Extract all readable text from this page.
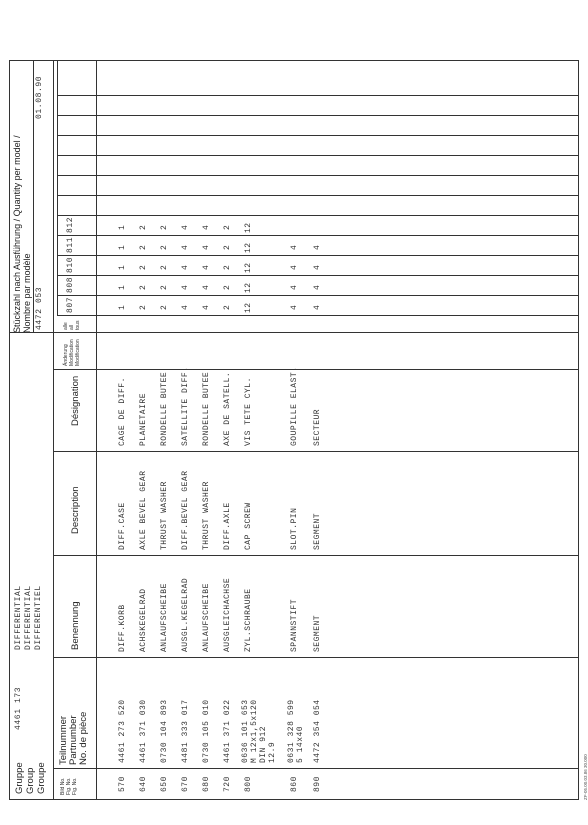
Gruppe Group Groupe
4461 173
DIFFERENTIAL DIFFERENTIAL DIFFERENTIEL
Stückzahl nach Ausführung / Quantity per model / Nombre par modèle 4472 053
01.08.90
Bild No. Fig. No. Fig. No.
Teilnummer Partnumber No. de pièce
Benennung
Description
Désignation
Änderung Modification Modification
alle all tous
807
808
810
811
812
570
4461 273 520
DIFF.KORB
DIFF.CASE
CAGE DE DIFF.
1
1
1
1
1
640
4461 371 030
ACHSKEGELRAD
AXLE BEVEL GEAR
PLANETAIRE
2
2
2
2
2
650
0730 104 893
ANLAUFSCHEIBE
THRUST WASHER
RONDELLE BUTEE
2
2
2
2
2
670
4481 333 017
AUSGL.KEGELRAD
DIFF.BEVEL GEAR
SATELLITE DIFF.
4
4
4
4
4
680
0730 105 010
ANLAUFSCHEIBE
THRUST WASHER
RONDELLE BUTEE
4
4
4
4
4
720
4461 371 022
AUSGLEICHACHSE
DIFF.AXLE
AXE DE SATELL.
2
2
2
2
2
800
0636 101 653 M 12x1,5x120 DIN 912 12.9
ZYL.SCHRAUBE
CAP SCREW
VIS TETE CYL.
12
12
12
12
12
860
0631 328 599 5 14x40
SPANNSTIFT
SLOT.PIN
GOUPILLE ELAST.
4
4
4
4
890
4472 354 054
SEGMENT
SEGMENT
SECTEUR
4
4
4
4
ZF-05.00.03.86 30.000
